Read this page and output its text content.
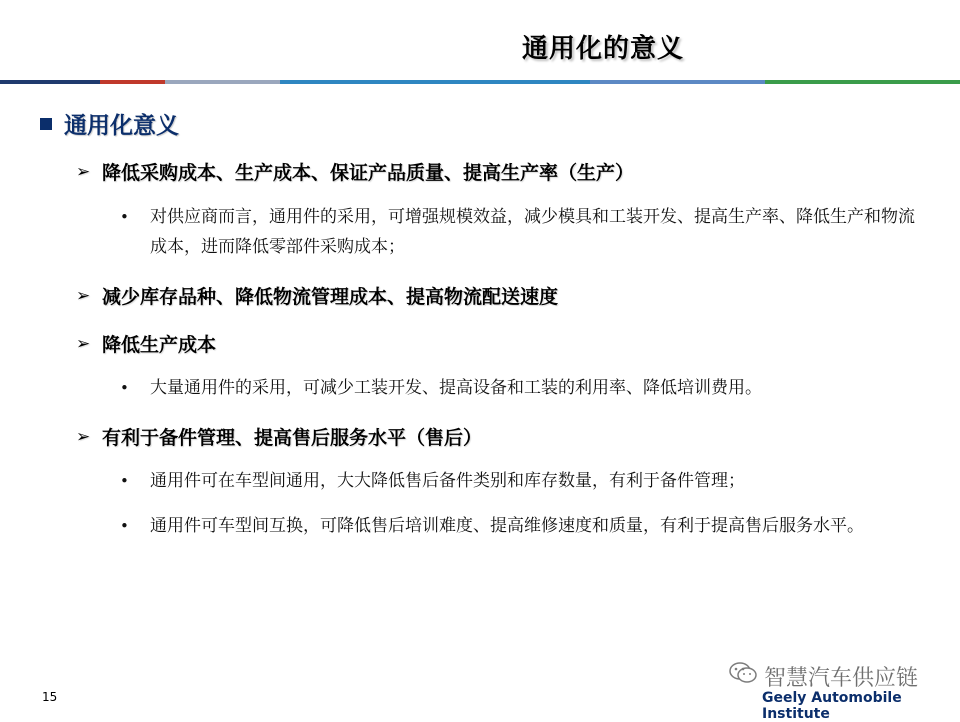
通用化的意义
通用化意义
➢ 降低采购成本、生产成本、保证产品质量、提高生产率（生产）
•	对供应商而言，通用件的采用，可增强规模效益，减少模具和工装开发、提高生产率、降低生产和物流成本，进而降低零部件采购成本；
➢ 减少库存品种、降低物流管理成本、提高物流配送速度
➢ 降低生产成本
•	大量通用件的采用，可减少工装开发、提高设备和工装的利用率、降低培训费用。
➢ 有利于备件管理、提高售后服务水平（售后）
•	通用件可在车型间通用，大大降低售后备件类别和库存数量，有利于备件管理；
•	通用件可车型间互换，可降低售后培训难度、提高维修速度和质量，有利于提高售后服务水平。
15
智慧汽车供应链
Geely Automobile Institute
